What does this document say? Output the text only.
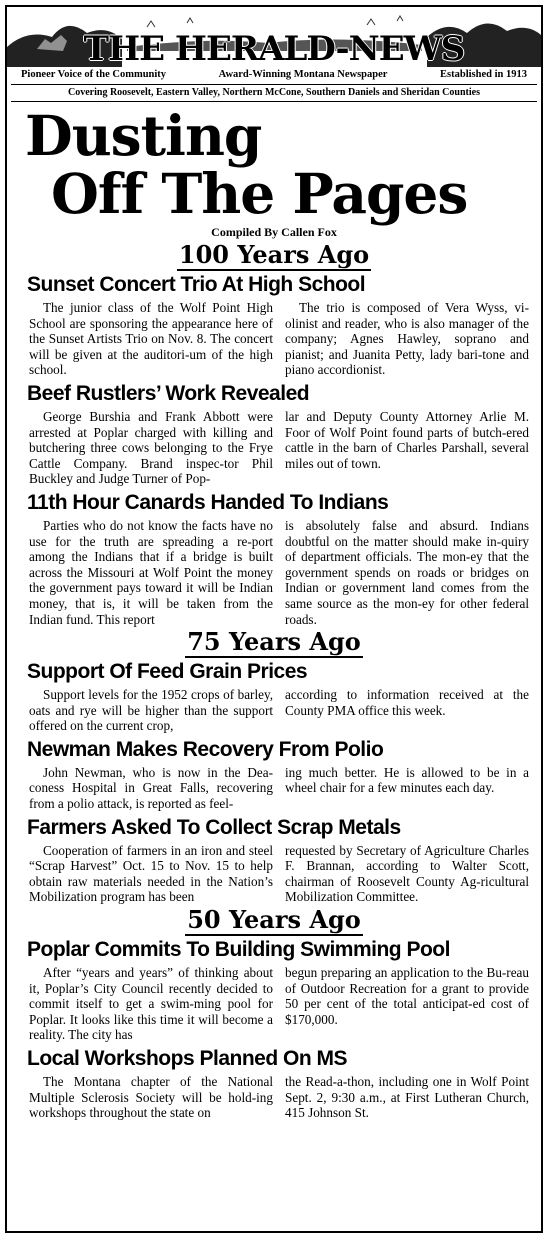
THE HERALD-NEWS
Pioneer Voice of the Community	Award-Winning Montana Newspaper	Established in 1913
Covering Roosevelt, Eastern Valley, Northern McCone, Southern Daniels and Sheridan Counties
Dusting
Off The Pages
Compiled By Callen Fox
100 Years Ago
Sunset Concert Trio At High School

The junior class of the Wolf Point High School are sponsoring the appearance here of the Sunset Artists Trio on Nov. 8. The concert will be given at the auditori-um of the high school.

The trio is composed of Vera Wyss, vi-olinist and reader, who is also manager of the company; Agnes Hawley, soprano and pianist; and Juanita Petty, lady bari-tone and piano accordionist.

Beef Rustlers’ Work Revealed

George Burshia and Frank Abbott were arrested at Poplar charged with killing and butchering three cows belonging to the Frye Cattle Company. Brand inspec-tor Phil Buckley and Judge Turner of Pop-

lar and Deputy County Attorney Arlie M. Foor of Wolf Point found parts of butch-ered cattle in the barn of Charles Parshall, several miles out of town.

11th Hour Canards Handed To Indians

Parties who do not know the facts have no use for the truth are spreading a re-port among the Indians that if a bridge is built across the Missouri at Wolf Point the money the government pays toward it will be Indian money, that is, it will be taken from the Indian fund. This report

is absolutely false and absurd. Indians doubtful on the matter should make in-quiry of department officials. The mon-ey that the government spends on roads or bridges on Indian or government land comes from the same source as the mon-ey for other federal roads.

75 Years Ago
Support Of Feed Grain Prices

Support levels for the 1952 crops of barley, oats and rye will be higher than the support offered on the current crop,

according to information received at the County PMA office this week.

Newman Makes Recovery From Polio

John Newman, who is now in the Dea-coness Hospital in Great Falls, recovering from a polio attack, is reported as feel-

ing much better. He is allowed to be in a wheel chair for a few minutes each day.

Farmers Asked To Collect Scrap Metals

Cooperation of farmers in an iron and steel “Scrap Harvest” Oct. 15 to Nov. 15 to help obtain raw materials needed in the Nation’s Mobilization program has been

requested by Secretary of Agriculture Charles F. Brannan, according to Walter Scott, chairman of Roosevelt County Ag-ricultural Mobilization Committee.

50 Years Ago
Poplar Commits To Building Swimming Pool

After “years and years” of thinking about it, Poplar’s City Council recently decided to commit itself to get a swim-ming pool for Poplar. It looks like this time it will become a reality. The city has

begun preparing an application to the Bu-reau of Outdoor Recreation for a grant to provide 50 per cent of the total anticipat-ed cost of $170,000.

Local Workshops Planned On MS

The Montana chapter of the National Multiple Sclerosis Society will be hold-ing workshops throughout the state on

the Read-a-thon, including one in Wolf Point Sept. 2, 9:30 a.m., at First Lutheran Church, 415 Johnson St.
